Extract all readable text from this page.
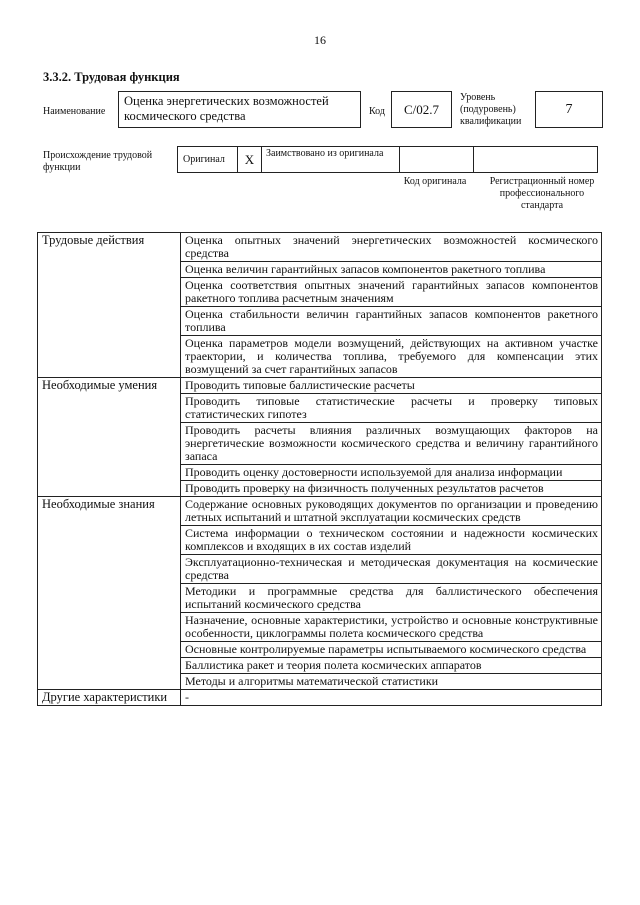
16
3.3.2. Трудовая функция
Наименование
Оценка энергетических возможностей космического средства	Код	C/02.7
Уровень (подуровень) квалификации
7
Происхождение трудовой функции
Оригинал	X	Заимствовано из оригинала
Код оригинала	Регистрационный номер профессионального стандарта
Трудовые действия	Оценка опытных значений энергетических возможностей космического средства
	Оценка величин гарантийных запасов компонентов ракетного топлива
	Оценка соответствия опытных значений гарантийных запасов компонентов ракетного топлива расчетным значениям
	Оценка стабильности величин гарантийных запасов компонентов ракетного топлива
	Оценка параметров модели возмущений, действующих на активном участке траектории, и количества топлива, требуемого для компенсации этих возмущений за счет гарантийных запасов
Необходимые умения	Проводить типовые баллистические расчеты
	Проводить типовые статистические расчеты и проверку типовых статистических гипотез
	Проводить расчеты влияния различных возмущающих факторов на энергетические возможности космического средства и величину гарантийного запаса
	Проводить оценку достоверности используемой для анализа информации
	Проводить проверку на физичность полученных результатов расчетов
Необходимые знания	Содержание основных руководящих документов по организации и проведению летных испытаний и штатной эксплуатации космических средств
	Система информации о техническом состоянии и надежности космических комплексов и входящих в их состав изделий
	Эксплуатационно-техническая и методическая документация на космические средства
	Методики и программные средства для баллистического обеспечения испытаний космического средства
	Назначение, основные характеристики, устройство и основные конструктивные особенности, циклограммы полета космического средства
	Основные контролируемые параметры испытываемого космического средства
	Баллистика ракет и теория полета космических аппаратов
	Методы и алгоритмы математической статистики
Другие характеристики	-
